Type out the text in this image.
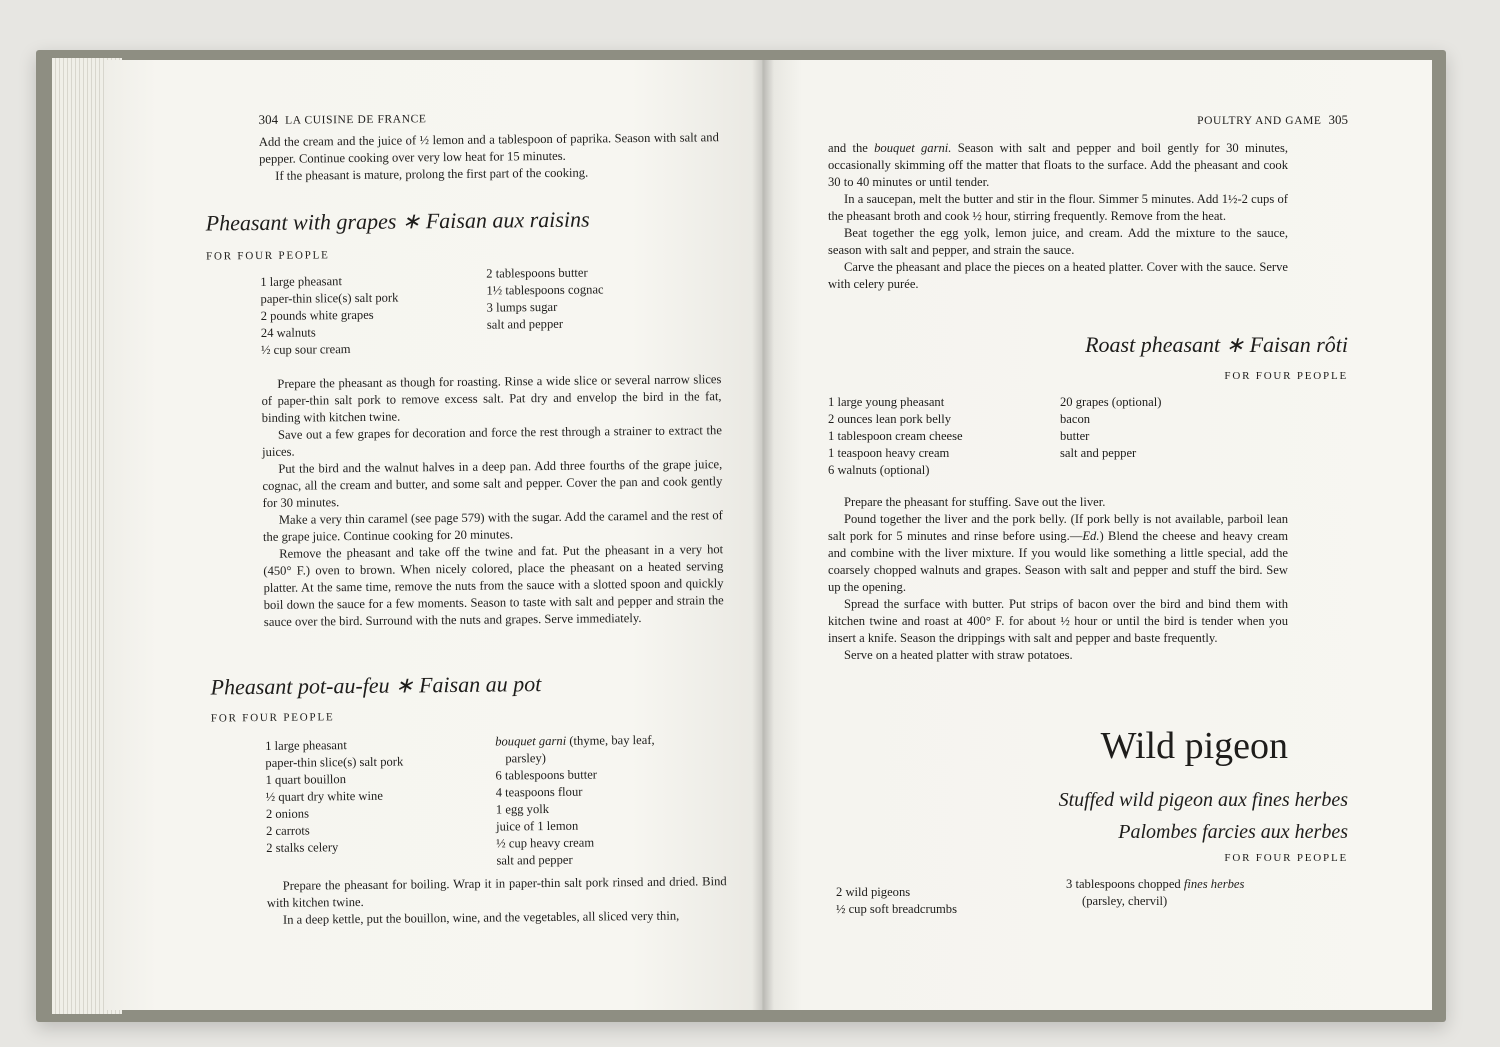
304 LA CUISINE DE FRANCE

Add the cream and the juice of ½ lemon and a tablespoon of paprika. Season with salt and pepper. Continue cooking over very low heat for 15 minutes.

If the pheasant is mature, prolong the first part of the cooking.

Pheasant with grapes ∗ Faisan aux raisins
FOR FOUR PEOPLE
1 large pheasant
paper-thin slice(s) salt pork
2 pounds white grapes
24 walnuts
½ cup sour cream
2 tablespoons butter
1½ tablespoons cognac
3 lumps sugar
salt and pepper

Prepare the pheasant as though for roasting. Rinse a wide slice or several narrow slices of paper-thin salt pork to remove excess salt. Pat dry and envelop the bird in the fat, binding with kitchen twine.

Save out a few grapes for decoration and force the rest through a strainer to extract the juices.

Put the bird and the walnut halves in a deep pan. Add three fourths of the grape juice, cognac, all the cream and butter, and some salt and pepper. Cover the pan and cook gently for 30 minutes.

Make a very thin caramel (see page 579) with the sugar. Add the caramel and the rest of the grape juice. Continue cooking for 20 minutes.

Remove the pheasant and take off the twine and fat. Put the pheasant in a very hot (450° F.) oven to brown. When nicely colored, place the pheasant on a heated serving platter. At the same time, remove the nuts from the sauce with a slotted spoon and quickly boil down the sauce for a few moments. Season to taste with salt and pepper and strain the sauce over the bird. Surround with the nuts and grapes. Serve immediately.

Pheasant pot-au-feu ∗ Faisan au pot
FOR FOUR PEOPLE
1 large pheasant
paper-thin slice(s) salt pork
1 quart bouillon
½ quart dry white wine
2 onions
2 carrots
2 stalks celery
bouquet garni (thyme, bay leaf,
parsley)
6 tablespoons butter
4 teaspoons flour
1 egg yolk
juice of 1 lemon
½ cup heavy cream
salt and pepper

Prepare the pheasant for boiling. Wrap it in paper-thin salt pork rinsed and dried. Bind with kitchen twine.

In a deep kettle, put the bouillon, wine, and the vegetables, all sliced very thin,

POULTRY AND GAME 305

and the bouquet garni. Season with salt and pepper and boil gently for 30 minutes, occasionally skimming off the matter that floats to the surface. Add the pheasant and cook 30 to 40 minutes or until tender.

In a saucepan, melt the butter and stir in the flour. Simmer 5 minutes. Add 1½-2 cups of the pheasant broth and cook ½ hour, stirring frequently. Remove from the heat.

Beat together the egg yolk, lemon juice, and cream. Add the mixture to the sauce, season with salt and pepper, and strain the sauce.

Carve the pheasant and place the pieces on a heated platter. Cover with the sauce. Serve with celery purée.

Roast pheasant ∗ Faisan rôti
FOR FOUR PEOPLE
1 large young pheasant
2 ounces lean pork belly
1 tablespoon cream cheese
1 teaspoon heavy cream
6 walnuts (optional)
20 grapes (optional)
bacon
butter
salt and pepper

Prepare the pheasant for stuffing. Save out the liver.

Pound together the liver and the pork belly. (If pork belly is not available, parboil lean salt pork for 5 minutes and rinse before using.—Ed.) Blend the cheese and heavy cream and combine with the liver mixture. If you would like something a little special, add the coarsely chopped walnuts and grapes. Season with salt and pepper and stuff the bird. Sew up the opening.

Spread the surface with butter. Put strips of bacon over the bird and bind them with kitchen twine and roast at 400° F. for about ½ hour or until the bird is tender when you insert a knife. Season the drippings with salt and pepper and baste frequently.

Serve on a heated platter with straw potatoes.

Wild pigeon
Stuffed wild pigeon aux fines herbes
Palombes farcies aux herbes
FOR FOUR PEOPLE
2 wild pigeons
½ cup soft breadcrumbs
3 tablespoons chopped fines herbes
(parsley, chervil)
